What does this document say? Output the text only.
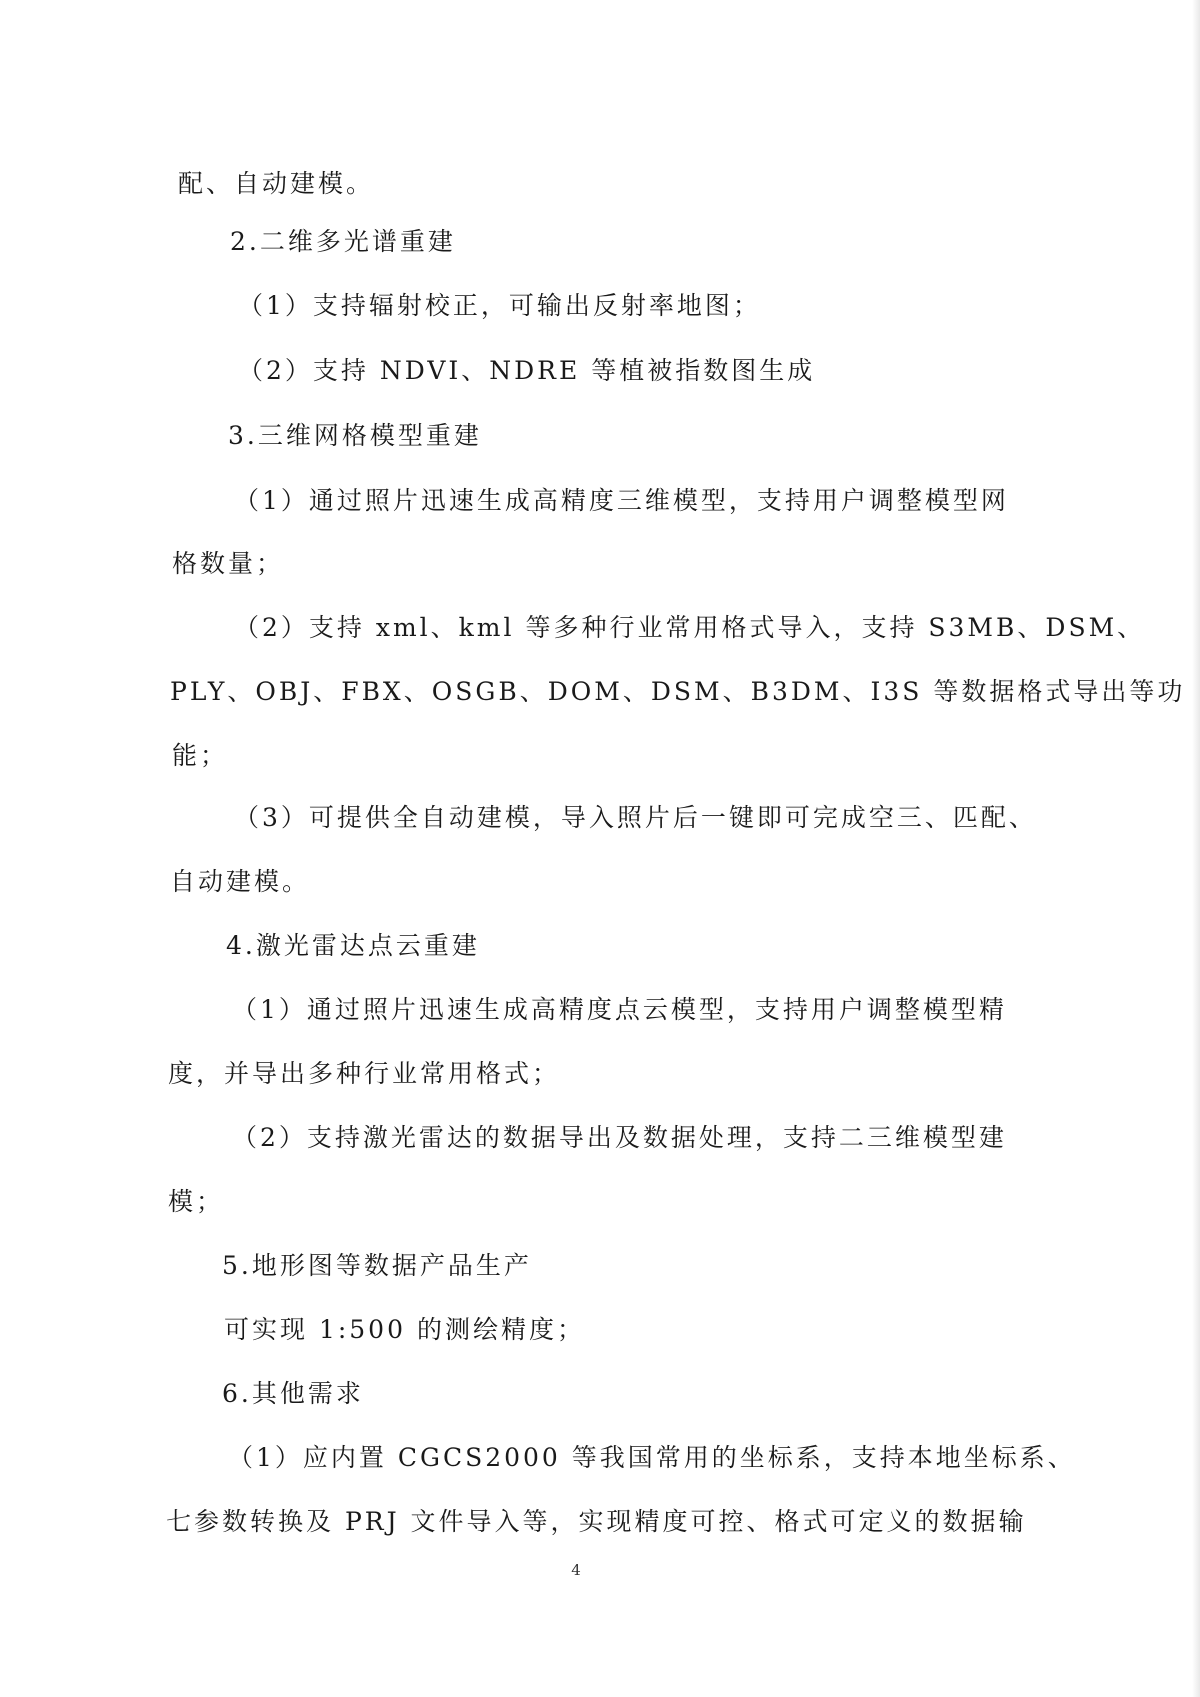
配、自动建模。
2.二维多光谱重建
（1）支持辐射校正，可输出反射率地图；
（2）支持 NDVI、NDRE 等植被指数图生成
3.三维网格模型重建
（1）通过照片迅速生成高精度三维模型，支持用户调整模型网
格数量；
（2）支持 xml、kml 等多种行业常用格式导入，支持 S3MB、DSM、
PLY、OBJ、FBX、OSGB、DOM、DSM、B3DM、I3S 等数据格式导出等功
能；
（3）可提供全自动建模，导入照片后一键即可完成空三、匹配、
自动建模。
4.激光雷达点云重建
（1）通过照片迅速生成高精度点云模型，支持用户调整模型精
度，并导出多种行业常用格式；
（2）支持激光雷达的数据导出及数据处理，支持二三维模型建
模；
5.地形图等数据产品生产
可实现 1:500 的测绘精度；
6.其他需求
（1）应内置 CGCS2000 等我国常用的坐标系，支持本地坐标系、
七参数转换及 PRJ 文件导入等，实现精度可控、格式可定义的数据输
4
